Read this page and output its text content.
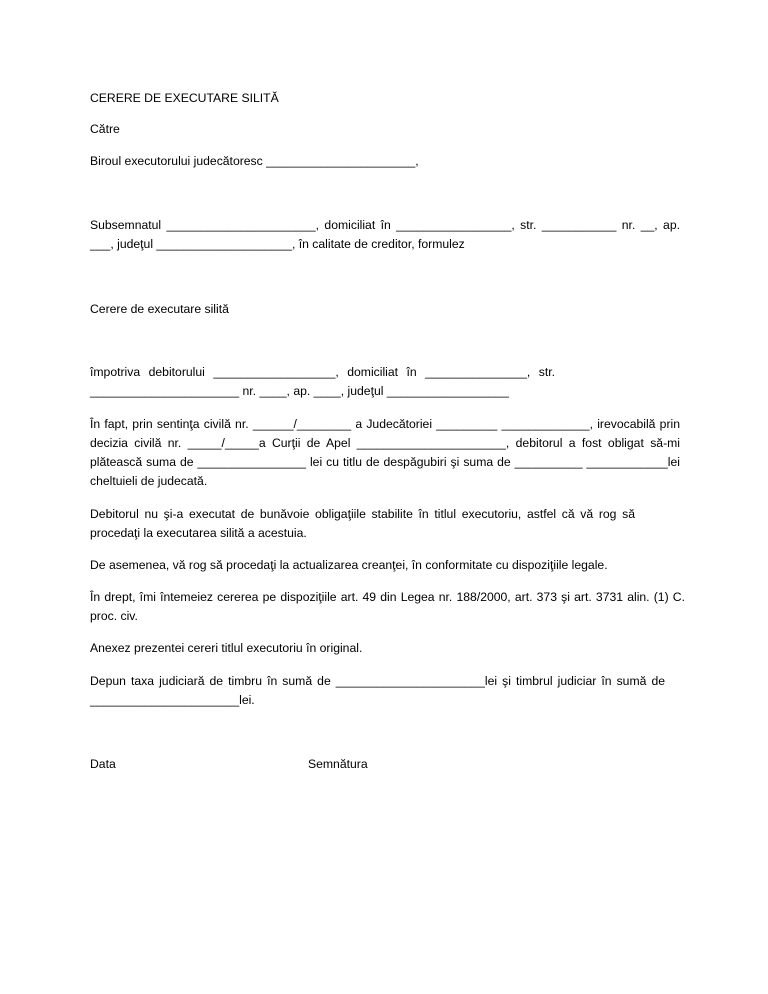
CERERE DE EXECUTARE SILITĂ

Către

Biroul executorului judecătoresc ______________________,

Subsemnatul ______________________, domiciliat în _________________, str. ___________ nr. __, ap. ___, judeţul ____________________, în calitate de creditor, formulez

Cerere de executare silită

împotriva debitorului __________________, domiciliat în _______________, str. ______________________ nr. ____, ap. ____, judeţul __________________

În fapt, prin sentinţa civilă nr. ______/________ a Judecătoriei _________ _____________, irevocabilă prin decizia civilă nr. _____/_____a Curţii de Apel ______________________, debitorul a fost obligat să-mi plătească suma de ________________ lei cu titlu de despăgubiri şi suma de __________ ____________lei cheltuieli de judecată.

Debitorul nu şi-a executat de bunăvoie obligaţiile stabilite în titlul executoriu, astfel că vă rog să procedaţi la executarea silită a acestuia.

De asemenea, vă rog să procedaţi la actualizarea creanţei, în conformitate cu dispoziţiile legale.

În drept, îmi întemeiez cererea pe dispoziţiile art. 49 din Legea nr. 188/2000, art. 373 şi art. 3731 alin. (1) C. proc. civ.

Anexez prezentei cereri titlul executoriu în original.

Depun taxa judiciară de timbru în sumă de ______________________lei şi timbrul judiciar în sumă de ______________________lei.

Data	Semnătura
